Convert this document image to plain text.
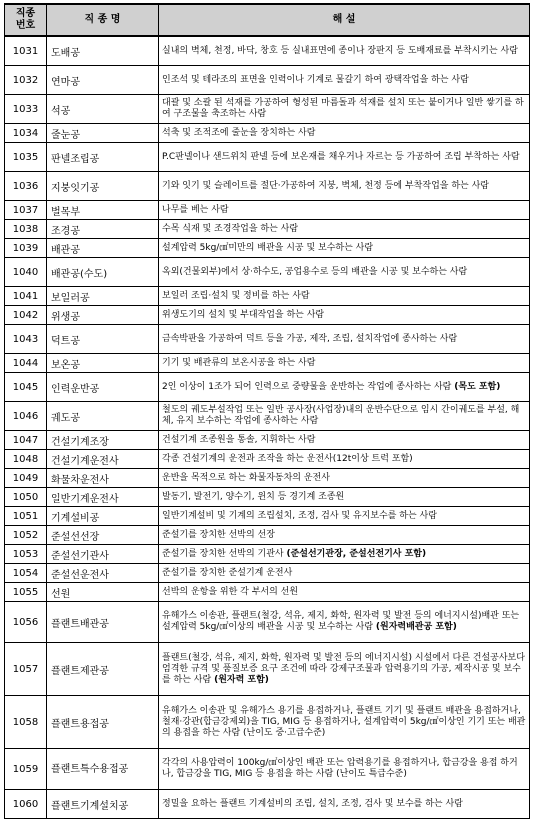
직종
번호	직 종 명	해 설
1031	도배공	실내의 벽체, 천정, 바닥, 창호 등 실내표면에 종이나 장판지 등 도배재료를 부착시키는 사람
1032	연마공	인조석 및 테라조의 표면을 인력이나 기계로 물갈기 하여 광택작업을 하는 사람
1033	석공	대괄 및 소괄 된 석재를 가공하여 형성된 마름돌과 석재를 설치 또는 붙이거나 일반 쌓기를 하여 구조물을 축조하는 사람
1034	줄눈공	석축 및 조적조에 줄눈을 장치하는 사람
1035	판넬조립공	P.C판넬이나 샌드위치 판넬 등에 보온재를 채우거나 자르는 등 가공하여 조립 부착하는 사람
1036	지붕잇기공	기와 잇기 및 슬레이트를 절단·가공하여 지붕, 벽체, 천정 등에 부착작업을 하는 사람
1037	벌목부	나무를 베는 사람
1038	조경공	수목 식재 및 조경작업을 하는 사람
1039	배관공	설계압력 5kg/㎠미만의 배관을 시공 및 보수하는 사람
1040	배관공(수도)	옥외(건물외부)에서 상·하수도, 공업용수로 등의 배관을 시공 및 보수하는 사람
1041	보일러공	보일러 조립·설치 및 정비를 하는 사람
1042	위생공	위생도기의 설치 및 부대작업을 하는 사람
1043	덕트공	금속박판을 가공하여 덕트 등을 가공, 제작, 조립, 설치작업에 종사하는 사람
1044	보온공	기기 및 배관류의 보온시공을 하는 사람
1045	인력운반공	2인 이상이 1조가 되어 인력으로 중량물을 운반하는 작업에 종사하는 사람 (목도 포함)
1046	궤도공	철도의 궤도부설작업 또는 일반 공사장(사업장)내의 운반수단으로 임시 간이궤도를 부설, 해체, 유지 보수하는 작업에 종사하는 사람
1047	건설기계조장	건설기계 조종원을 통솔, 지휘하는 사람
1048	건설기계운전사	각종 건설기계의 운전과 조작을 하는 운전사(12t이상 트럭 포함)
1049	화물차운전사	운반을 목적으로 하는 화물자동차의 운전사
1050	일반기계운전사	발동기, 발전기, 양수기, 윈치 등 경기계 조종원
1051	기계설비공	일반기계설비 및 기계의 조립설치, 조정, 검사 및 유지보수를 하는 사람
1052	준설선선장	준설기를 장치한 선박의 선장
1053	준설선기관사	준설기를 장치한 선박의 기관사 (준설선기관장, 준설선전기사 포함)
1054	준설선운전사	준설기를 장치한 준설기계 운전사
1055	선원	선박의 운항을 위한 각 부서의 선원
1056	플랜트배관공	유해가스 이송관, 플랜트(철강, 석유, 제지, 화학, 원자력 및 발전 등의 에너지시설)배관 또는 설계압력 5kg/㎠이상의 배관을 시공 및 보수하는 사람 (원자력배관공 포함)
1057	플랜트제관공	플랜트(철강, 석유, 제지, 화학, 원자력 및 발전 등의 에너지시설) 시설에서 다른 건설공사보다 엄격한 규격 및 품질보증 요구 조건에 따라 강제구조물과 압력용기의 가공, 제작시공 및 보수를 하는 사람 (원자력 포함)
1058	플랜트용접공	유해가스 이송관 및 유해가스 용기를 용접하거나, 플랜트 기기 및 플랜트 배관을 용접하거나, 철재·강관(합금강제외)을 TIG, MIG 등 용접하거나, 설계압력이 5kg/㎠이상인 기기 또는 배관의 용접을 하는 사람 (난이도 중·고급수준)
1059	플랜트특수용접공	각각의 사용압력이 100kg/㎠이상인 배관 또는 압력용기를 용접하거나, 합금강을 용접 하거나, 합금강을 TIG, MIG 등 용접을 하는 사람 (난이도 특급수준)
1060	플랜트기계설치공	정밀을 요하는 플랜트 기계설비의 조립, 설치, 조정, 검사 및 보수를 하는 사람
